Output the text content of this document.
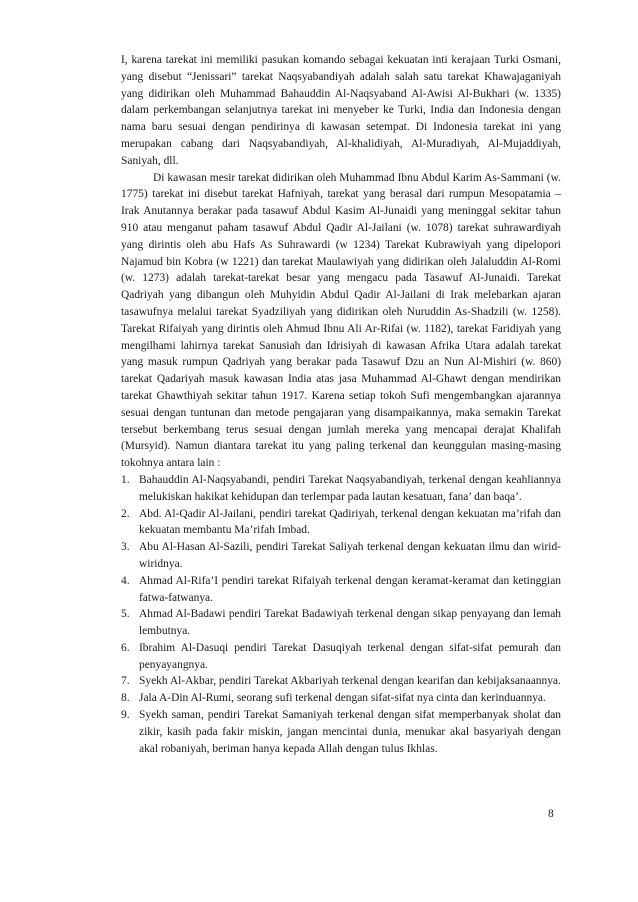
I, karena tarekat ini memiliki pasukan komando sebagai kekuatan inti kerajaan Turki Osmani, yang disebut “Jenissari” tarekat Naqsyabandiyah adalah salah satu tarekat Khawajaganiyah yang didirikan oleh Muhammad Bahauddin Al-Naqsyaband Al-Awisi Al-Bukhari (w. 1335) dalam perkembangan selanjutnya tarekat ini menyeber ke Turki, India dan Indonesia dengan nama baru sesuai dengan pendirinya di kawasan setempat. Di Indonesia tarekat ini yang merupakan cabang dari Naqsyabandiyah, Al-khalidiyah, Al-Muradiyah, Al-Mujaddiyah, Saniyah, dll.

Di kawasan mesir tarekat didirikan oleh Muhammad Ibnu Abdul Karim As-Sammani (w. 1775) tarekat ini disebut tarekat Hafniyah, tarekat yang berasal dari rumpun Mesopatamia – Irak Anutannya berakar pada tasawuf Abdul Kasim Al-Junaidi yang meninggal sekitar tahun 910 atau menganut paham tasawuf Abdul Qadir Al-Jailani (w. 1078) tarekat suhrawardiyah yang dirintis oleh abu Hafs As Suhrawardi (w 1234) Tarekat Kubrawiyah yang dipelopori Najamud bin Kobra (w 1221) dan tarekat Maulawiyah yang didirikan oleh Jalaluddin Al-Romi (w. 1273) adalah tarekat-tarekat besar yang mengacu pada Tasawuf Al-Junaidi. Tarekat Qadriyah yang dibangun oleh Muhyidin Abdul Qadir Al-Jailani di Irak melebarkan ajaran tasawufnya melalui tarekat Syadziliyah yang didirikan oleh Nuruddin As-Shadzili (w. 1258). Tarekat Rifaiyah yang dirintis oleh Ahmud Ibnu Ali Ar-Rifai (w. 1182), tarekat Faridiyah yang mengilhami lahirnya tarekat Sanusiah dan Idrisiyah di kawasan Afrika Utara adalah tarekat yang masuk rumpun Qadriyah yang berakar pada Tasawuf Dzu an Nun Al-Mishiri (w. 860) tarekat Qadariyah masuk kawasan India atas jasa Muhammad Al-Ghawt dengan mendirikan tarekat Ghawthiyah sekitar tahun 1917. Karena setiap tokoh Sufi mengembangkan ajarannya sesuai dengan tuntunan dan metode pengajaran yang disampaikannya, maka semakin Tarekat tersebut berkembang terus sesuai dengan jumlah mereka yang mencapai derajat Khalifah (Mursyid). Namun diantara tarekat itu yang paling terkenal dan keunggulan masing-masing tokohnya antara lain :

1. Bahauddin Al-Naqsyabandi, pendiri Tarekat Naqsyabandiyah, terkenal dengan keahliannya melukiskan hakikat kehidupan dan terlempar pada lautan kesatuan, fana’ dan baqa’.
2. Abd. Al-Qadir Al-Jailani, pendiri tarekat Qadiriyah, terkenal dengan kekuatan ma’rifah dan kekuatan membantu Ma’rifah Imbad.
3. Abu Al-Hasan Al-Sazili, pendiri Tarekat Saliyah terkenal dengan kekuatan ilmu dan wirid-wiridnya.
4. Ahmad Al-Rifa’I pendiri tarekat Rifaiyah terkenal dengan keramat-keramat dan ketinggian fatwa-fatwanya.
5. Ahmad Al-Badawi pendiri Tarekat Badawiyah terkenal dengan sikap penyayang dan lemah lembutnya.
6. Ibrahim Al-Dasuqi pendiri Tarekat Dasuqiyah terkenal dengan sifat-sifat pemurah dan penyayangnya.
7. Syekh Al-Akbar, pendiri Tarekat Akbariyah terkenal dengan kearifan dan kebijaksanaannya.
8. Jala A-Din Al-Rumi, seorang sufi terkenal dengan sifat-sifat nya cinta dan kerinduannya.
9. Syekh saman, pendiri Tarekat Samaniyah terkenal dengan sifat memperbanyak sholat dan zikir, kasih pada fakir miskin, jangan mencintai dunia, menukar akal basyariyah dengan akal robaniyah, beriman hanya kepada Allah dengan tulus Ikhlas.
8
